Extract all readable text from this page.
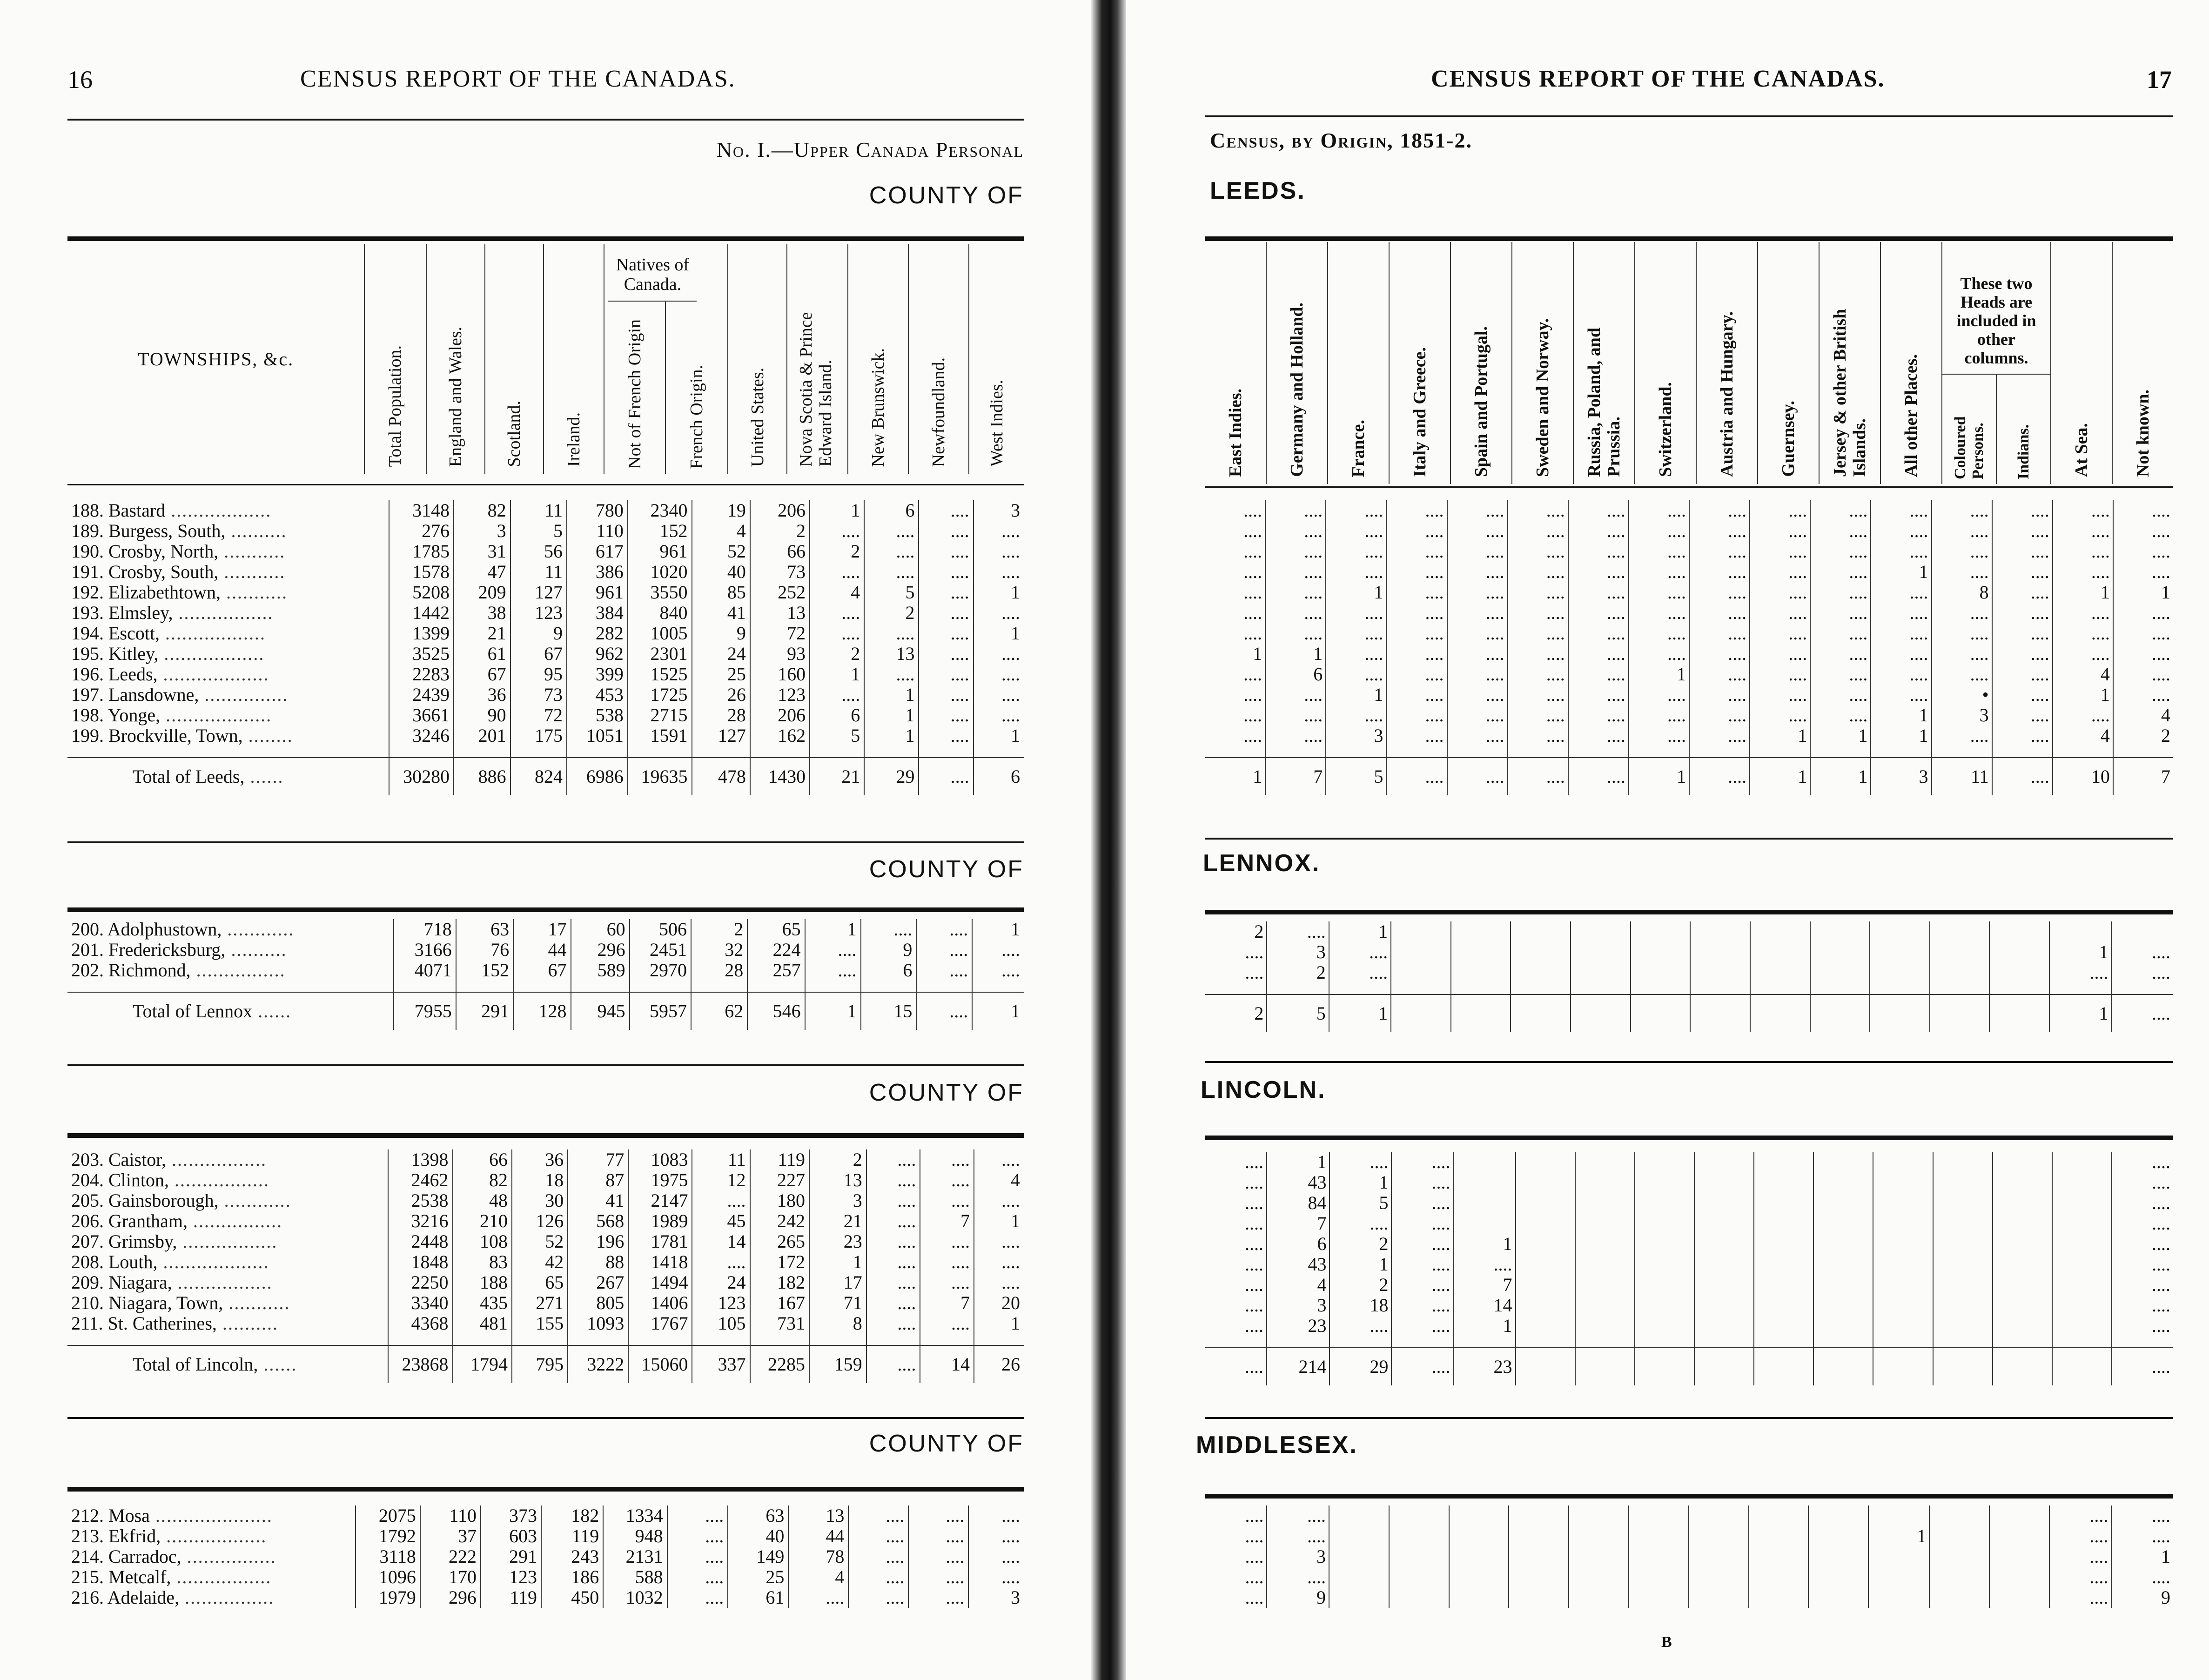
16	CENSUS REPORT OF THE CANADAS.
No. I.—Upper Canada Personal
COUNTY OF
TOWNSHIPS, &c.	Total Population.	England and Wales.	Scotland.	Ireland.	
Natives of Canada.
Not of French Origin French Origin.	United States.	Nova Scotia & Prince Edward Island.	New Brunswick.	Newfoundland.	West Indies.
188. Bastard ..................	3148	82	11	780	2340	19	206	1	6	....	3
189. Burgess, South, ..........	276	3	5	110	152	4	2	....	....	....	....
190. Crosby, North, ...........	1785	31	56	617	961	52	66	2	....	....	....
191. Crosby, South, ...........	1578	47	11	386	1020	40	73	....	....	....	....
192. Elizabethtown, ...........	5208	209	127	961	3550	85	252	4	5	....	1
193. Elmsley, .................	1442	38	123	384	840	41	13	....	2	....	....
194. Escott, ..................	1399	21	9	282	1005	9	72	....	....	....	1
195. Kitley, ..................	3525	61	67	962	2301	24	93	2	13	....	....
196. Leeds, ...................	2283	67	95	399	1525	25	160	1	....	....	....
197. Lansdowne, ...............	2439	36	73	453	1725	26	123	....	1	....	....
198. Yonge, ...................	3661	90	72	538	2715	28	206	6	1	....	....
199. Brockville, Town, ........	3246	201	175	1051	1591	127	162	5	1	....	1

Total of Leeds, ......	30280	886	824	6986	19635	478	1430	21	29	....	6
COUNTY OF
200. Adolphustown, ............	718	63	17	60	506	2	65	1	....	....	1
201. Fredericksburg, ..........	3166	76	44	296	2451	32	224	....	9	....	....
202. Richmond, ................	4071	152	67	589	2970	28	257	....	6	....	....

Total of Lennox ......	7955	291	128	945	5957	62	546	1	15	....	1
COUNTY OF
203. Caistor, .................	1398	66	36	77	1083	11	119	2	....	....	....
204. Clinton, .................	2462	82	18	87	1975	12	227	13	....	....	4
205. Gainsborough, ............	2538	48	30	41	2147	....	180	3	....	....	....
206. Grantham, ................	3216	210	126	568	1989	45	242	21	....	7	1
207. Grimsby, .................	2448	108	52	196	1781	14	265	23	....	....	....
208. Louth, ...................	1848	83	42	88	1418	....	172	1	....	....	....
209. Niagara, .................	2250	188	65	267	1494	24	182	17	....	....	....
210. Niagara, Town, ...........	3340	435	271	805	1406	123	167	71	....	7	20
211. St. Catherines, ..........	4368	481	155	1093	1767	105	731	8	....	....	1

Total of Lincoln, ......	23868	1794	795	3222	15060	337	2285	159	....	14	26
COUNTY OF
212. Mosa .....................	2075	110	373	182	1334	....	63	13	....	....	....
213. Ekfrid, ..................	1792	37	603	119	948	....	40	44	....	....	....
214. Carradoc, ................	3118	222	291	243	2131	....	149	78	....	....	....
215. Metcalf, .................	1096	170	123	186	588	....	25	4	....	....	....
216. Adelaide, ................	1979	296	119	450	1032	....	61	....	....	....	3
CENSUS REPORT OF THE CANADAS.	17
Census, by Origin, 1851-2.
LEEDS.
East Indies.	Germany and Holland.	France.	Italy and Greece.	Spain and Portugal.	Sweden and Norway.	Russia, Poland, and Prussia.	Switzerland.	Austria and Hungary.	Guernsey.	Jersey & other British Islands.	All other Places.	
These two Heads are included in other columns.
Coloured Persons. Indians.	At Sea.	Not known.
....	....	....	....	....	....	....	....	....	....	....	....	....	....	....	....
....	....	....	....	....	....	....	....	....	....	....	....	....	....	....	....
....	....	....	....	....	....	....	....	....	....	....	....	....	....	....	....
....	....	....	....	....	....	....	....	....	....	....	1	....	....	....	....
....	....	1	....	....	....	....	....	....	....	....	....	8	....	1	1
....	....	....	....	....	....	....	....	....	....	....	....	....	....	....	....
....	....	....	....	....	....	....	....	....	....	....	....	....	....	....	....
1	1	....	....	....	....	....	....	....	....	....	....	....	....	....	....
....	6	....	....	....	....	....	1	....	....	....	....	....	....	4	....
....	....	1	....	....	....	....	....	....	....	....	....	•	....	1	....
....	....	....	....	....	....	....	....	....	....	....	1	3	....	....	4
....	....	3	....	....	....	....	....	....	1	1	1	....	....	4	2

1	7	5	....	....	....	....	1	....	1	1	3	11	....	10	7
LENNOX.
2	....	1													
....	3	....												1	....
....	2	....												....	....

2	5	1												1	....
LINCOLN.
....	1	....	....												....
....	43	1	....												....
....	84	5	....												....
....	7	....	....												....
....	6	2	....	1											....
....	43	1	....	....											....
....	4	2	....	7											....
....	3	18	....	14											....
....	23	....	....	1											....

....	214	29	....	23											....
MIDDLESEX.
....	....													....	....
....	....										1			....	....
....	3													....	1
....	....													....	....
....	9													....	9
B
